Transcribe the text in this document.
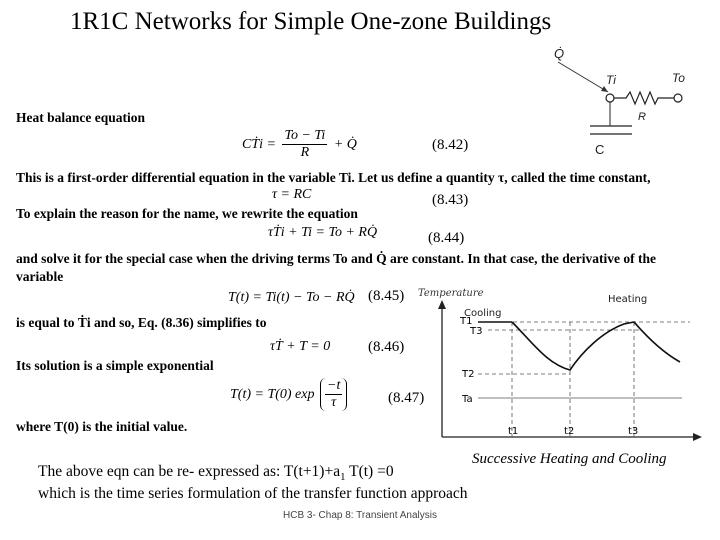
1R1C Networks for Simple One-zone Buildings
Q̇
Ti	To
R
C
Heat balance equation
CṪi = $\frac{To - Ti}{R}$ + Q̇	(8.42)
This is a first-order differential equation in the variable Ti. Let us define a quantity τ, called the time constant,
τ = RC	(8.43)
To explain the reason for the name, we rewrite the equation
τṪi + Ti = To + RQ̇	(8.44)
and solve it for the special case when the driving terms To and Q̇ are constant. In that case, the derivative of the
variable
T(t) = Ti(t) − To − RQ̇ (8.45)
is equal to Ṫi and so, Eq. (8.36) simplifies to
τṪ + T = 0	(8.46)
Its solution is a simple exponential
T(t) = T(0) $\exp \frac{-t}{\tau}$	(8.47)
where T(0) is the initial value.
Temperature
Cooling
Heating
T1
T3
T2
Ta
t1	t2	t3
Successive Heating and Cooling
The above eqn can be re- expressed as: $T(t+1)+a_1$ T(t) =0
which is the time series formulation of the transfer function approach
HCB 3- Chap 8: Transient Analysis
